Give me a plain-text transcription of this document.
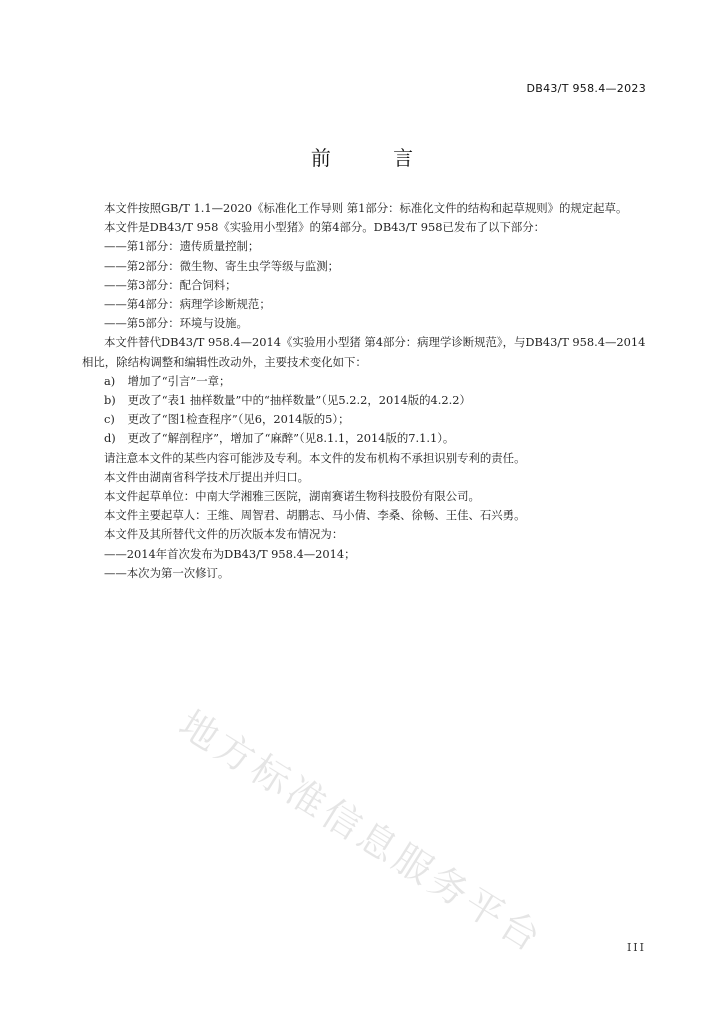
DB43/T 958.4—2023
前 言

本文件按照GB/T 1.1—2020《标准化工作导则 第1部分：标准化文件的结构和起草规则》的规定起草。

本文件是DB43/T 958《实验用小型猪》的第4部分。DB43/T 958已发布了以下部分：

——第1部分：遗传质量控制；

——第2部分：微生物、寄生虫学等级与监测；

——第3部分：配合饲料；

——第4部分：病理学诊断规范；

——第5部分：环境与设施。

本文件替代DB43/T 958.4—2014《实验用小型猪 第4部分：病理学诊断规范》，与DB43/T 958.4—2014相比，除结构调整和编辑性改动外，主要技术变化如下：

a) 增加了“引言”一章；

b) 更改了“表1 抽样数量”中的“抽样数量”（见5.2.2，2014版的4.2.2）

c) 更改了“图1检查程序”（见6，2014版的5）；

d) 更改了“解剖程序”，增加了“麻醉”（见8.1.1，2014版的7.1.1）。

请注意本文件的某些内容可能涉及专利。本文件的发布机构不承担识别专利的责任。

本文件由湖南省科学技术厅提出并归口。

本文件起草单位：中南大学湘雅三医院，湖南赛诺生物科技股份有限公司。

本文件主要起草人：王维、周智君、胡鹏志、马小倩、李桑、徐畅、王佳、石兴勇。

本文件及其所替代文件的历次版本发布情况为：

——2014年首次发布为DB43/T 958.4—2014；

——本次为第一次修订。

地方标准信息服务平台	III
